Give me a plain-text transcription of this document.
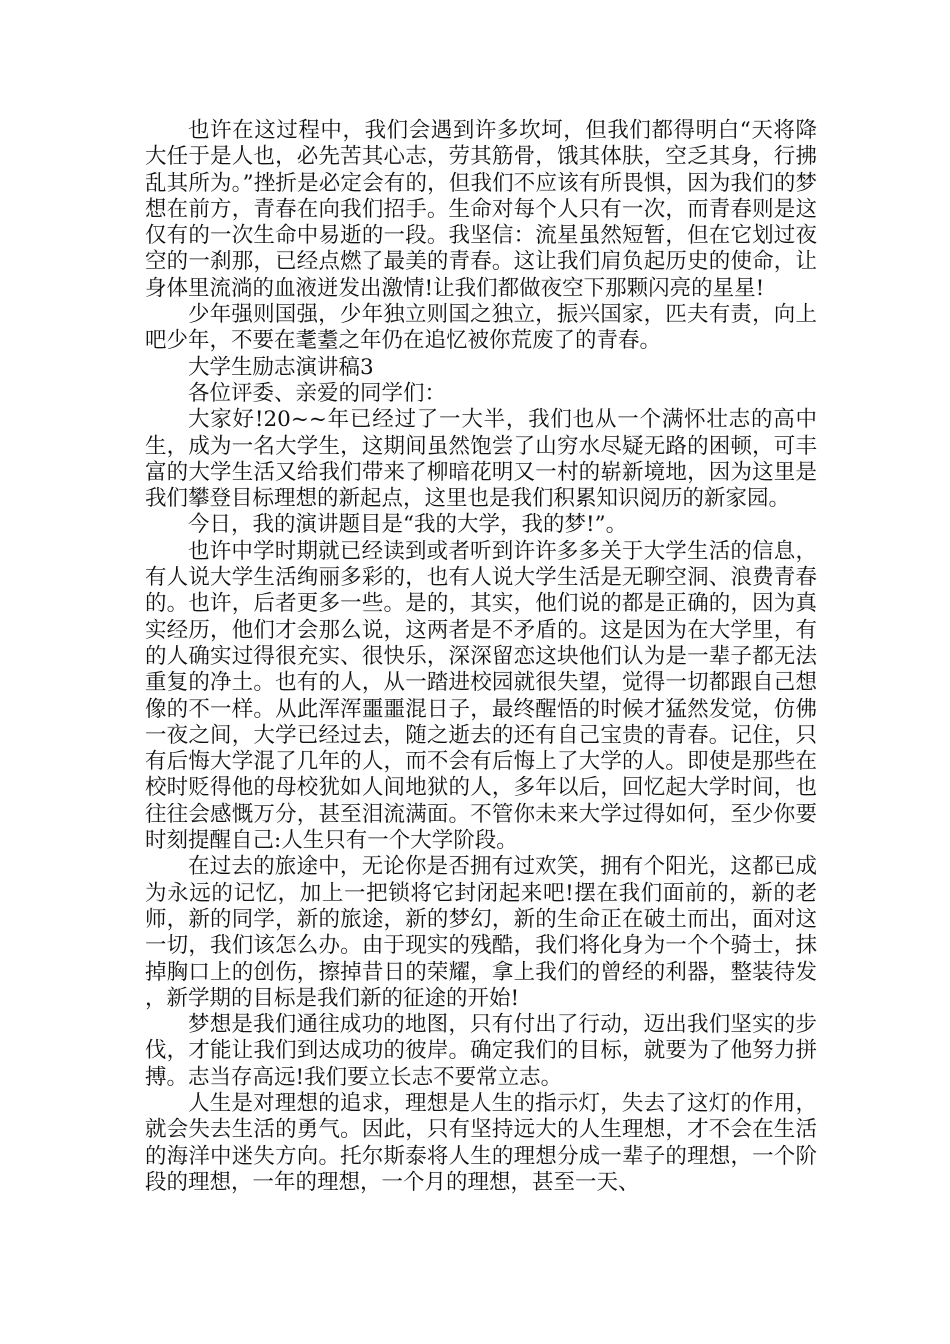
也许在这过程中，我们会遇到许多坎坷，但我们都得明白“天将降大任于是人也，必先苦其心志，劳其筋骨，饿其体肤，空乏其身，行拂乱其所为。”挫折是必定会有的，但我们不应该有所畏惧，因为我们的梦想在前方，青春在向我们招手。生命对每个人只有一次，而青春则是这仅有的一次生命中易逝的一段。我坚信：流星虽然短暂，但在它划过夜空的一刹那，已经点燃了最美的青春。这让我们肩负起历史的使命，让身体里流淌的血液迸发出激情!让我们都做夜空下那颗闪亮的星星!

少年强则国强，少年独立则国之独立，振兴国家，匹夫有责，向上吧少年，不要在耄耋之年仍在追忆被你荒废了的青春。

大学生励志演讲稿3

各位评委、亲爱的同学们：

大家好!20~~年已经过了一大半，我们也从一个满怀壮志的高中生，成为一名大学生，这期间虽然饱尝了山穷水尽疑无路的困顿，可丰富的大学生活又给我们带来了柳暗花明又一村的崭新境地，因为这里是我们攀登目标理想的新起点，这里也是我们积累知识阅历的新家园。

今日，我的演讲题目是“我的大学，我的梦!”。

也许中学时期就已经读到或者听到许许多多关于大学生活的信息，有人说大学生活绚丽多彩的，也有人说大学生活是无聊空洞、浪费青春的。也许，后者更多一些。是的，其实，他们说的都是正确的，因为真实经历，他们才会那么说，这两者是不矛盾的。这是因为在大学里，有的人确实过得很充实、很快乐，深深留恋这块他们认为是一辈子都无法重复的净土。也有的人，从一踏进校园就很失望，觉得一切都跟自己想像的不一样。从此浑浑噩噩混日子，最终醒悟的时候才猛然发觉，仿佛一夜之间，大学已经过去，随之逝去的还有自己宝贵的青春。记住，只有后悔大学混了几年的人，而不会有后悔上了大学的人。即使是那些在校时贬得他的母校犹如人间地狱的人，多年以后，回忆起大学时间，也往往会感慨万分，甚至泪流满面。不管你未来大学过得如何，至少你要时刻提醒自己:人生只有一个大学阶段。

在过去的旅途中，无论你是否拥有过欢笑，拥有个阳光，这都已成为永远的记忆，加上一把锁将它封闭起来吧!摆在我们面前的，新的老师，新的同学，新的旅途，新的梦幻，新的生命正在破土而出，面对这一切，我们该怎么办。由于现实的残酷，我们将化身为一个个骑士，抹掉胸口上的创伤，擦掉昔日的荣耀，拿上我们的曾经的利器，整装待发，新学期的目标是我们新的征途的开始!

梦想是我们通往成功的地图，只有付出了行动，迈出我们坚实的步伐，才能让我们到达成功的彼岸。确定我们的目标，就要为了他努力拼搏。志当存高远!我们要立长志不要常立志。

人生是对理想的追求，理想是人生的指示灯，失去了这灯的作用，就会失去生活的勇气。因此，只有坚持远大的人生理想，才不会在生活的海洋中迷失方向。托尔斯泰将人生的理想分成一辈子的理想，一个阶段的理想，一年的理想，一个月的理想，甚至一天、
